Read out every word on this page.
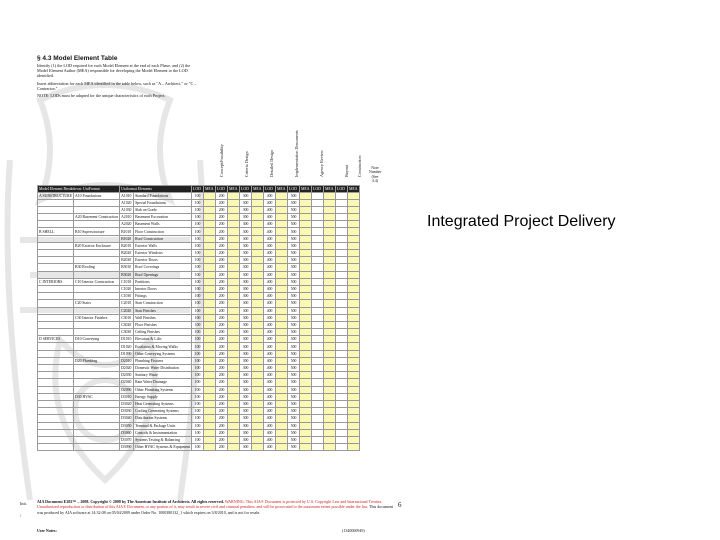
§ 4.3 Model Element Table

Identify (1) the LOD required for each Model Element at the end of each Phase, and (2) the Model Element Author (MEA) responsible for developing the Model Element to the LOD identified.

Insert abbreviation for each MEA identified in the table below, such as "A – Architect," or "C – Contractor."

NOTE: LODs must be adapted for the unique characteristics of each Project.

Concept/Feasibility	Criteria Design	Detailed Design	Implementation Documents	Agency Review	Buyout Construction	Note Number (See 4.4)
Model Element Breakdown: UniFormat		Uniformat Elements		LOD	MEA	LOD	MEA	LOD	MEA	LOD	MEA	LOD	MEA	LOD	MEA	LOD	MEA
A SUBSTRUCTURE	A10 Foundations	A1010	Standard Foundations	100		200		300		400		500					
		A1020	Special Foundations	100		200		300		400		500					
		A1030	Slab on Grade	100		200		300		400		500					
	A20 Basement Construction	A2010	Basement Excavation	100		200		300		400		500					
		A2020	Basement Walls	100		200		300		400		500					
B SHELL	B10 Superstructure	B1010	Floor Construction	100		200		300		400		500					
		B1020	Roof Construction	100		200		300		400		500					
	B20 Exterior Enclosure	B2010	Exterior Walls	100		200		300		400		500					
		B2020	Exterior Windows	100		200		300		400		500					
		B2030	Exterior Doors	100		200		300		400		500					
	B30 Roofing	B3010	Roof Coverings	100		200		300		400		500					
		B3020	Roof Openings	100		200		300		400		500					
C INTERIORS	C10 Interior Construction	C1010	Partitions	100		200		300		400		500					
		C1020	Interior Doors	100		200		300		400		500					
		C1030	Fittings	100		200		300		400		500					
	C20 Stairs	C2010	Stair Construction	100		200		300		400		500					
		C2020	Stair Finishes	100		200		300		400		500					
	C30 Interior Finishes	C3010	Wall Finishes	100		200		300		400		500					
		C3020	Floor Finishes	100		200		300		400		500					
		C3030	Ceiling Finishes	100		200		300		400		500					
D SERVICES	D10 Conveying	D1010	Elevators & Lifts	100		200		300		400		500					
		D1020	Escalators & Moving Walks	100		200		300		400		500					
		D1090	Other Conveying Systems	100		200		300		400		500					
	D20 Plumbing	D2010	Plumbing Fixtures	100		200		300		400		500					
		D2020	Domestic Water Distribution	100		200		300		400		500					
		D2030	Sanitary Waste	100		200		300		400		500					
		D2040	Rain Water Drainage	100		200		300		400		500					
		D2090	Other Plumbing Systems	100		200		300		400		500					
	D30 HVAC	D3010	Energy Supply	100		200		300		400		500					
		D3020	Heat Generating Systems	100		200		300		400		500					
		D3030	Cooling Generating Systems	100		200		300		400		500					
		D3040	Distribution Systems	100		200		300		400		500					
		D3050	Terminal & Package Units	100		200		300		400		500					
		D3060	Controls & Instrumentation	100		200		300		400		500					
		D3070	Systems Testing & Balancing	100		200		300		400		500					
		D3090	Other HVAC Systems & Equipment	100		200		300		400		500					
Init.
/
AIA Document E202™ – 2008. Copyright © 2008 by The American Institute of Architects. All rights reserved. WARNING: This AIA® Document is protected by U.S. Copyright Law and International Treaties. Unauthorized reproduction or distribution of this AIA® Document, or any portion of it, may result in severe civil and criminal penalties, and will be prosecuted to the maximum extent possible under the law. This document was produced by AIA software at 14:32:08 on 05/04/2009 under Order No. 1000380132_1 which expires on 3/8/2010, and is not for resale.
User Notes:	(1340000949)
6
Integrated Project Delivery
